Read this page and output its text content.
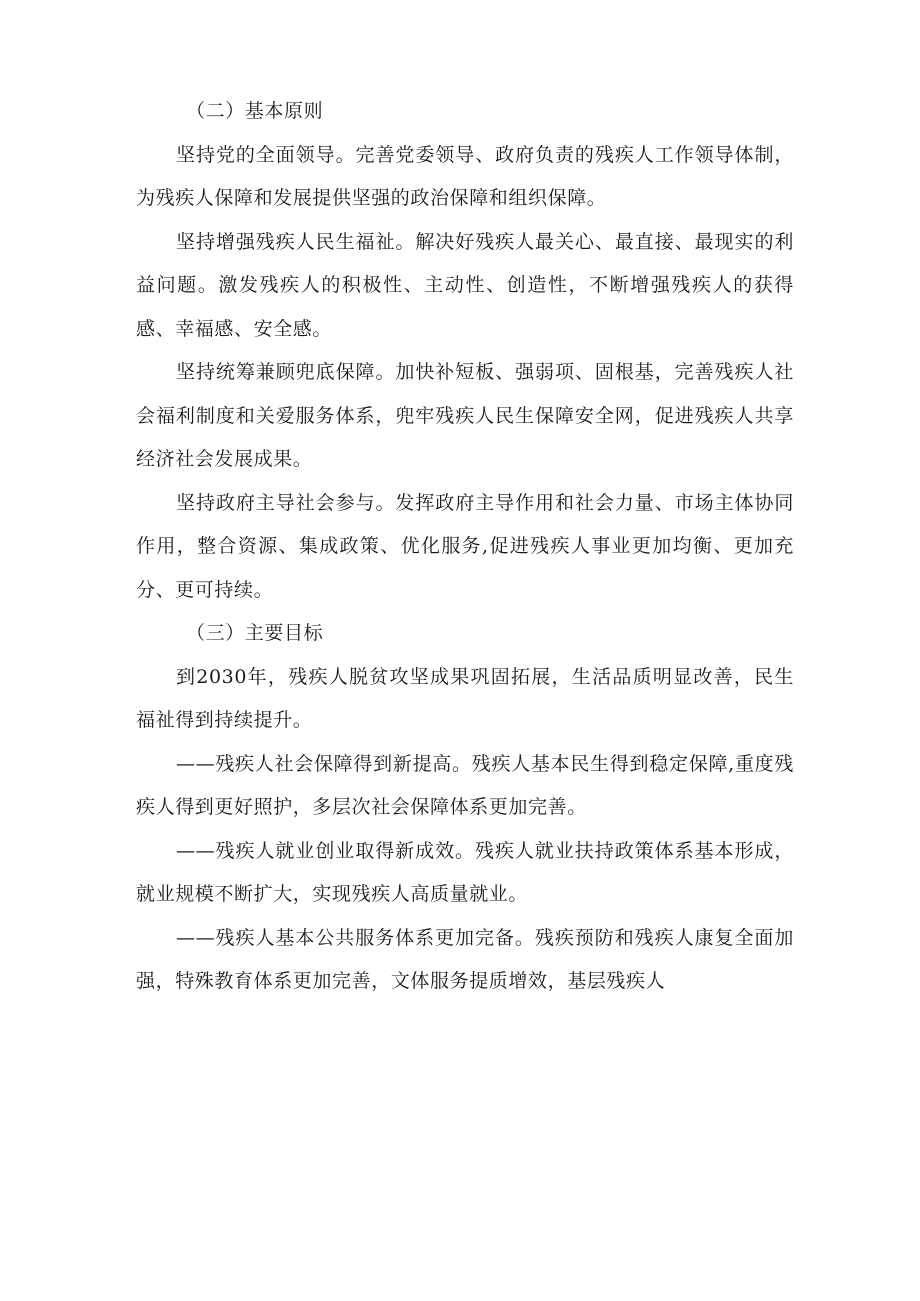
（二）基本原则

坚持党的全面领导。完善党委领导、政府负责的残疾人工作领导体制，为残疾人保障和发展提供坚强的政治保障和组织保障。

坚持增强残疾人民生福祉。解决好残疾人最关心、最直接、最现实的利益问题。激发残疾人的积极性、主动性、创造性，不断增强残疾人的获得感、幸福感、安全感。

坚持统筹兼顾兜底保障。加快补短板、强弱项、固根基，完善残疾人社会福利制度和关爱服务体系，兜牢残疾人民生保障安全网，促进残疾人共享经济社会发展成果。

坚持政府主导社会参与。发挥政府主导作用和社会力量、市场主体协同作用，整合资源、集成政策、优化服务,促进残疾人事业更加均衡、更加充分、更可持续。

（三）主要目标

到2030年，残疾人脱贫攻坚成果巩固拓展，生活品质明显改善，民生福祉得到持续提升。

——残疾人社会保障得到新提高。残疾人基本民生得到稳定保障,重度残疾人得到更好照护，多层次社会保障体系更加完善。

——残疾人就业创业取得新成效。残疾人就业扶持政策体系基本形成，就业规模不断扩大，实现残疾人高质量就业。

——残疾人基本公共服务体系更加完备。残疾预防和残疾人康复全面加强，特殊教育体系更加完善，文体服务提质增效，基层残疾人
